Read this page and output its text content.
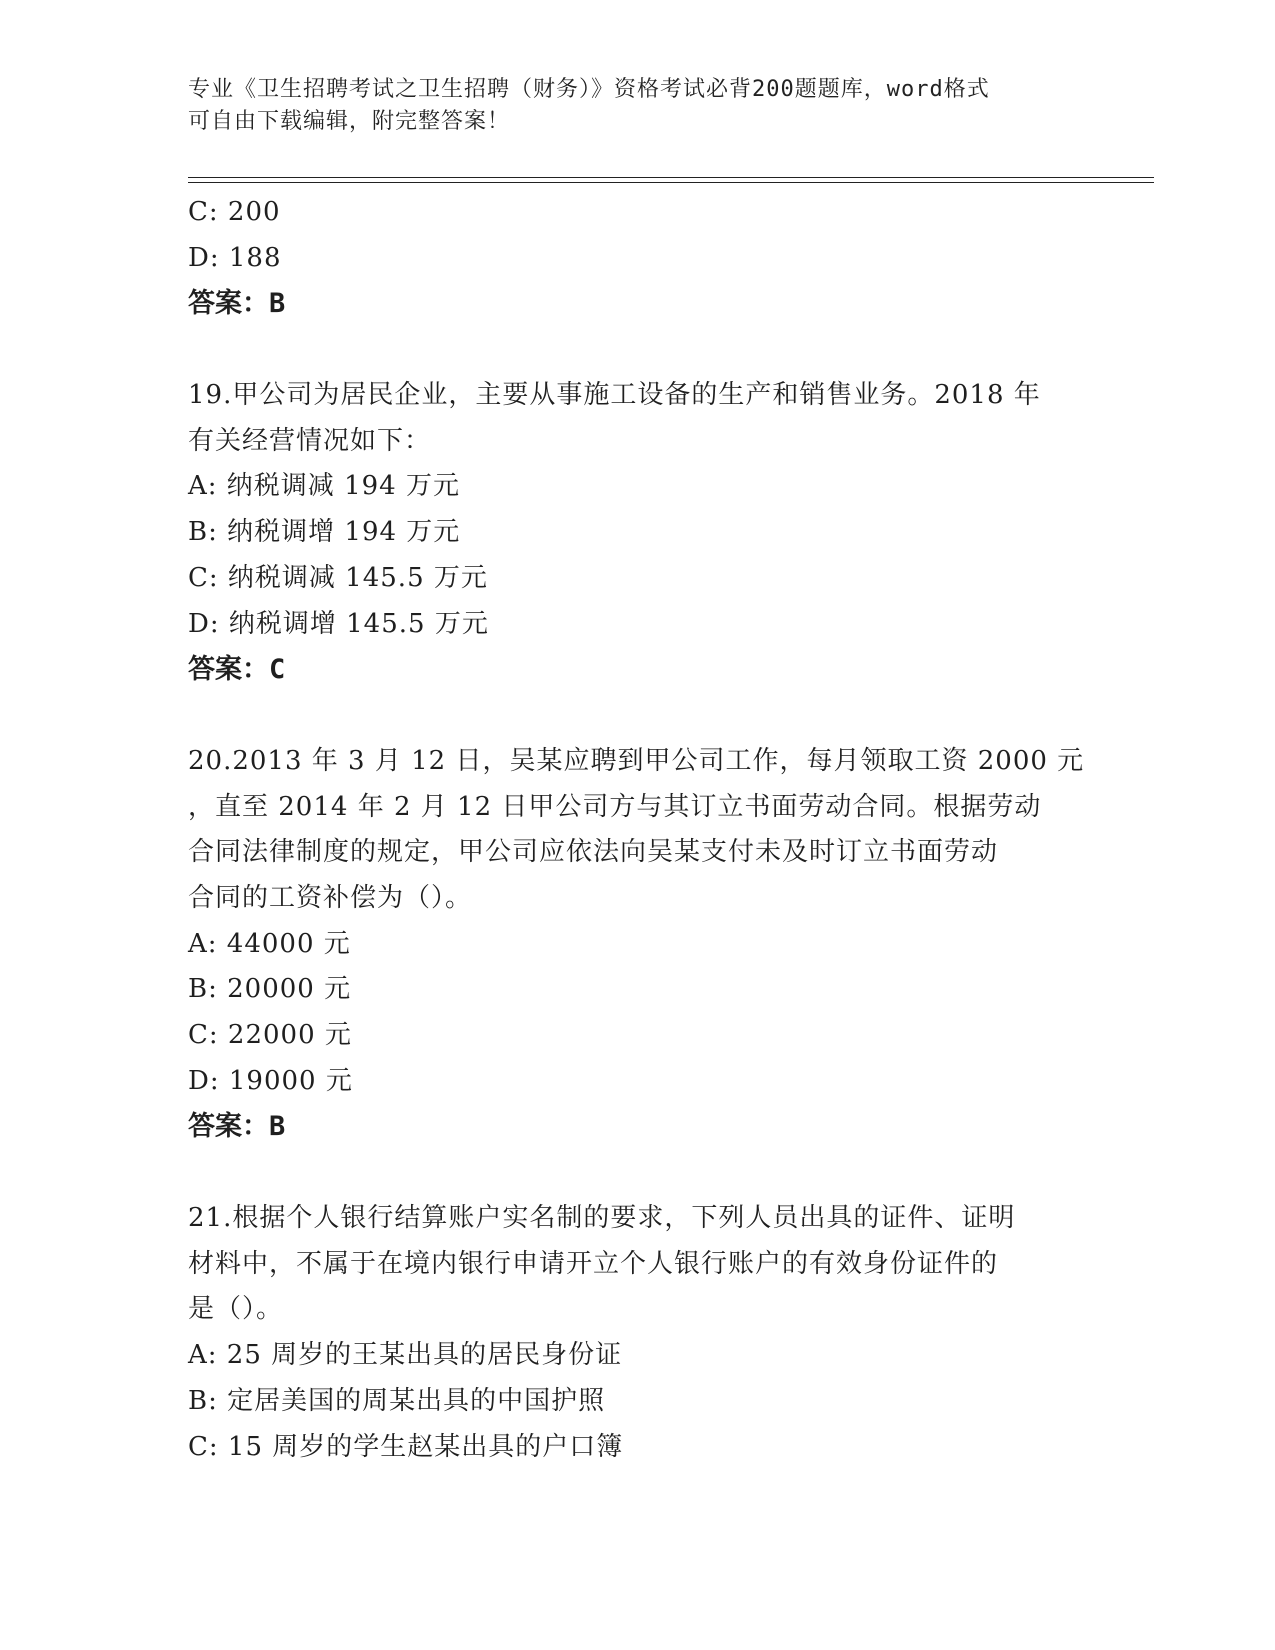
专业《卫生招聘考试之卫生招聘（财务）》资格考试必背200题题库，word格式
可自由下载编辑，附完整答案！
C: 200
D: 188
答案：B
19.甲公司为居民企业，主要从事施工设备的生产和销售业务。2018 年
有关经营情况如下：
A: 纳税调减 194 万元
B: 纳税调增 194 万元
C: 纳税调减 145.5 万元
D: 纳税调增 145.5 万元
答案：C
20.2013 年 3 月 12 日，吴某应聘到甲公司工作，每月领取工资 2000 元
，直至 2014 年 2 月 12 日甲公司方与其订立书面劳动合同。根据劳动
合同法律制度的规定，甲公司应依法向吴某支付未及时订立书面劳动
合同的工资补偿为（）。
A: 44000 元
B: 20000 元
C: 22000 元
D: 19000 元
答案：B
21.根据个人银行结算账户实名制的要求，下列人员出具的证件、证明
材料中，不属于在境内银行申请开立个人银行账户的有效身份证件的
是（）。
A: 25 周岁的王某出具的居民身份证
B: 定居美国的周某出具的中国护照
C: 15 周岁的学生赵某出具的户口簿
